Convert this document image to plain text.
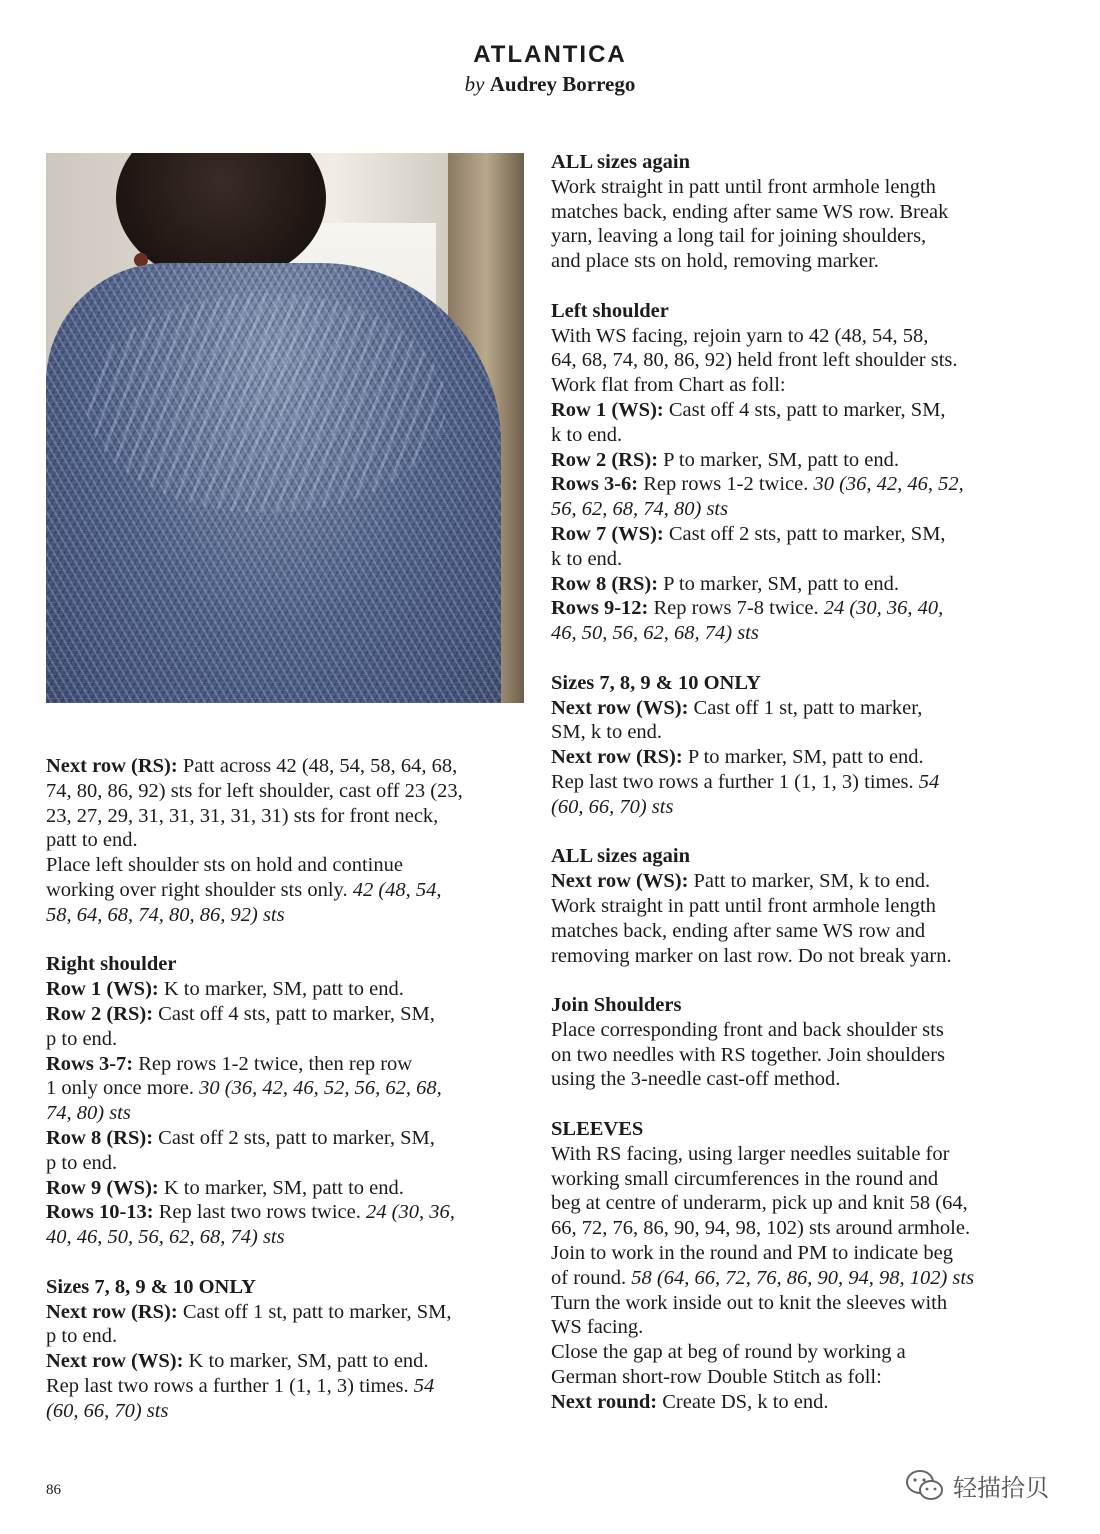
ATLANTICA
by Audrey Borrego

Next row (RS): Patt across 42 (48, 54, 58, 64, 68,
74, 80, 86, 92) sts for left shoulder, cast off 23 (23,
23, 27, 29, 31, 31, 31, 31, 31) sts for front neck,
patt to end.
Place left shoulder sts on hold and continue
working over right shoulder sts only. 42 (48, 54,
58, 64, 68, 74, 80, 86, 92) sts

Right shoulder
Row 1 (WS): K to marker, SM, patt to end.
Row 2 (RS): Cast off 4 sts, patt to marker, SM,
p to end.
Rows 3-7: Rep rows 1-2 twice, then rep row
1 only once more. 30 (36, 42, 46, 52, 56, 62, 68,
74, 80) sts
Row 8 (RS): Cast off 2 sts, patt to marker, SM,
p to end.
Row 9 (WS): K to marker, SM, patt to end.
Rows 10-13: Rep last two rows twice. 24 (30, 36,
40, 46, 50, 56, 62, 68, 74) sts

Sizes 7, 8, 9 & 10 ONLY
Next row (RS): Cast off 1 st, patt to marker, SM,
p to end.
Next row (WS): K to marker, SM, patt to end.
Rep last two rows a further 1 (1, 1, 3) times. 54
(60, 66, 70) sts

ALL sizes again
Work straight in patt until front armhole length
matches back, ending after same WS row. Break
yarn, leaving a long tail for joining shoulders,
and place sts on hold, removing marker.

Left shoulder
With WS facing, rejoin yarn to 42 (48, 54, 58,
64, 68, 74, 80, 86, 92) held front left shoulder sts.
Work flat from Chart as foll:
Row 1 (WS): Cast off 4 sts, patt to marker, SM,
k to end.
Row 2 (RS): P to marker, SM, patt to end.
Rows 3-6: Rep rows 1-2 twice. 30 (36, 42, 46, 52,
56, 62, 68, 74, 80) sts
Row 7 (WS): Cast off 2 sts, patt to marker, SM,
k to end.
Row 8 (RS): P to marker, SM, patt to end.
Rows 9-12: Rep rows 7-8 twice. 24 (30, 36, 40,
46, 50, 56, 62, 68, 74) sts

Sizes 7, 8, 9 & 10 ONLY
Next row (WS): Cast off 1 st, patt to marker,
SM, k to end.
Next row (RS): P to marker, SM, patt to end.
Rep last two rows a further 1 (1, 1, 3) times. 54
(60, 66, 70) sts

ALL sizes again
Next row (WS): Patt to marker, SM, k to end.
Work straight in patt until front armhole length
matches back, ending after same WS row and
removing marker on last row. Do not break yarn.

Join Shoulders
Place corresponding front and back shoulder sts
on two needles with RS together. Join shoulders
using the 3-needle cast-off method.

SLEEVES
With RS facing, using larger needles suitable for
working small circumferences in the round and
beg at centre of underarm, pick up and knit 58 (64,
66, 72, 76, 86, 90, 94, 98, 102) sts around armhole.
Join to work in the round and PM to indicate beg
of round. 58 (64, 66, 72, 76, 86, 90, 94, 98, 102) sts
Turn the work inside out to knit the sleeves with
WS facing.
Close the gap at beg of round by working a
German short-row Double Stitch as foll:
Next round: Create DS, k to end.

86	轻描拾贝
